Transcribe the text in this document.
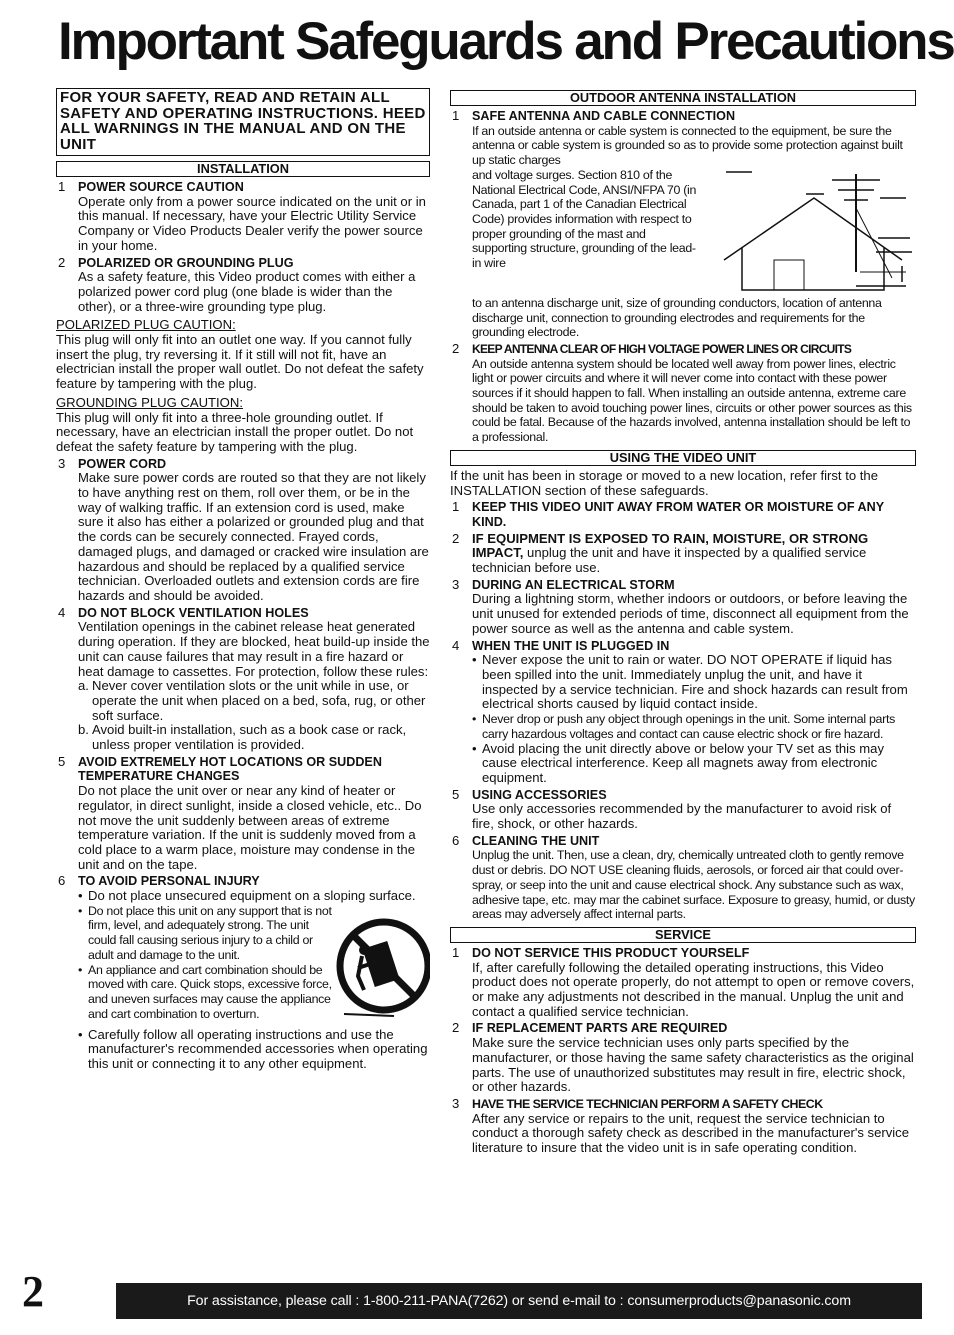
Important Safeguards and Precautions
FOR YOUR SAFETY, READ AND RETAIN ALL SAFETY AND OPERATING INSTRUCTIONS. HEED ALL WARNINGS IN THE MANUAL AND ON THE UNIT
INSTALLATION
1 POWER SOURCE CAUTION
Operate only from a power source indicated on the unit or in this manual. If necessary, have your Electric Utility Service Company or Video Products Dealer verify the power source in your home.
2 POLARIZED OR GROUNDING PLUG
As a safety feature, this Video product comes with either a polarized power cord plug (one blade is wider than the other), or a three-wire grounding type plug.
POLARIZED PLUG CAUTION:
This plug will only fit into an outlet one way. If you cannot fully insert the plug, try reversing it. If it still will not fit, have an electrician install the proper wall outlet. Do not defeat the safety feature by tampering with the plug.
GROUNDING PLUG CAUTION:
This plug will only fit into a three-hole grounding outlet. If necessary, have an electrician install the proper outlet. Do not defeat the safety feature by tampering with the plug.
3 POWER CORD
Make sure power cords are routed so that they are not likely to have anything rest on them, roll over them, or be in the way of walking traffic. If an extension cord is used, make sure it also has either a polarized or grounded plug and that the cords can be securely connected. Frayed cords, damaged plugs, and damaged or cracked wire insulation are hazardous and should be replaced by a qualified service technician. Overloaded outlets and extension cords are fire hazards and should be avoided.
4 DO NOT BLOCK VENTILATION HOLES
Ventilation openings in the cabinet release heat generated during operation. If they are blocked, heat build-up inside the unit can cause failures that may result in a fire hazard or heat damage to cassettes. For protection, follow these rules:
a. Never cover ventilation slots or the unit while in use, or operate the unit when placed on a bed, sofa, rug, or other soft surface.
b. Avoid built-in installation, such as a book case or rack, unless proper ventilation is provided.
5 AVOID EXTREMELY HOT LOCATIONS OR SUDDEN TEMPERATURE CHANGES
Do not place the unit over or near any kind of heater or regulator, in direct sunlight, inside a closed vehicle, etc.. Do not move the unit suddenly between areas of extreme temperature variation. If the unit is suddenly moved from a cold place to a warm place, moisture may condense in the unit and on the tape.
6 TO AVOID PERSONAL INJURY
• Do not place unsecured equipment on a sloping surface.
• Do not place this unit on any support that is not firm, level, and adequately strong. The unit could fall causing serious injury to a child or adult and damage to the unit.
• An appliance and cart combination should be moved with care. Quick stops, excessive force, and uneven surfaces may cause the appliance and cart combination to overturn.
• Carefully follow all operating instructions and use the manufacturer's recommended accessories when operating this unit or connecting it to any other equipment.
OUTDOOR ANTENNA INSTALLATION
1 SAFE ANTENNA AND CABLE CONNECTION
If an outside antenna or cable system is connected to the equipment, be sure the antenna or cable system is grounded so as to provide some protection against built up static charges
and voltage surges. Section 810 of the National Electrical Code, ANSI/NFPA 70 (in Canada, part 1 of the Canadian Electrical Code) provides information with respect to proper grounding of the mast and supporting structure, grounding of the lead-in wire
to an antenna discharge unit, size of grounding conductors, location of antenna discharge unit, connection to grounding electrodes and requirements for the grounding electrode.
2 KEEP ANTENNA CLEAR OF HIGH VOLTAGE POWER LINES OR CIRCUITS
An outside antenna system should be located well away from power lines, electric light or power circuits and where it will never come into contact with these power sources if it should happen to fall. When installing an outside antenna, extreme care should be taken to avoid touching power lines, circuits or other power sources as this could be fatal. Because of the hazards involved, antenna installation should be left to a professional.
USING THE VIDEO UNIT
If the unit has been in storage or moved to a new location, refer first to the INSTALLATION section of these safeguards.
1 KEEP THIS VIDEO UNIT AWAY FROM WATER OR MOISTURE OF ANY KIND.
2 IF EQUIPMENT IS EXPOSED TO RAIN, MOISTURE, OR STRONG IMPACT, unplug the unit and have it inspected by a qualified service technician before use.
3 DURING AN ELECTRICAL STORM
During a lightning storm, whether indoors or outdoors, or before leaving the unit unused for extended periods of time, disconnect all equipment from the power source as well as the antenna and cable system.
4 WHEN THE UNIT IS PLUGGED IN
• Never expose the unit to rain or water. DO NOT OPERATE if liquid has been spilled into the unit. Immediately unplug the unit, and have it inspected by a service technician. Fire and shock hazards can result from electrical shorts caused by liquid contact inside.
• Never drop or push any object through openings in the unit. Some internal parts carry hazardous voltages and contact can cause electric shock or fire hazard.
• Avoid placing the unit directly above or below your TV set as this may cause electrical interference. Keep all magnets away from electronic equipment.
5 USING ACCESSORIES
Use only accessories recommended by the manufacturer to avoid risk of fire, shock, or other hazards.
6 CLEANING THE UNIT
Unplug the unit. Then, use a clean, dry, chemically untreated cloth to gently remove dust or debris. DO NOT USE cleaning fluids, aerosols, or forced air that could over-spray, or seep into the unit and cause electrical shock. Any substance such as wax, adhesive tape, etc. may mar the cabinet surface. Exposure to greasy, humid, or dusty areas may adversely affect internal parts.
SERVICE
1 DO NOT SERVICE THIS PRODUCT YOURSELF
If, after carefully following the detailed operating instructions, this Video product does not operate properly, do not attempt to open or remove covers, or make any adjustments not described in the manual. Unplug the unit and contact a qualified service technician.
2 IF REPLACEMENT PARTS ARE REQUIRED
Make sure the service technician uses only parts specified by the manufacturer, or those having the same safety characteristics as the original parts. The use of unauthorized substitutes may result in fire, electric shock, or other hazards.
3 HAVE THE SERVICE TECHNICIAN PERFORM A SAFETY CHECK
After any service or repairs to the unit, request the service technician to conduct a thorough safety check as described in the manufacturer's service literature to insure that the video unit is in safe operating condition.
2	For assistance, please call : 1-800-211-PANA(7262) or send e-mail to : consumerproducts@panasonic.com
